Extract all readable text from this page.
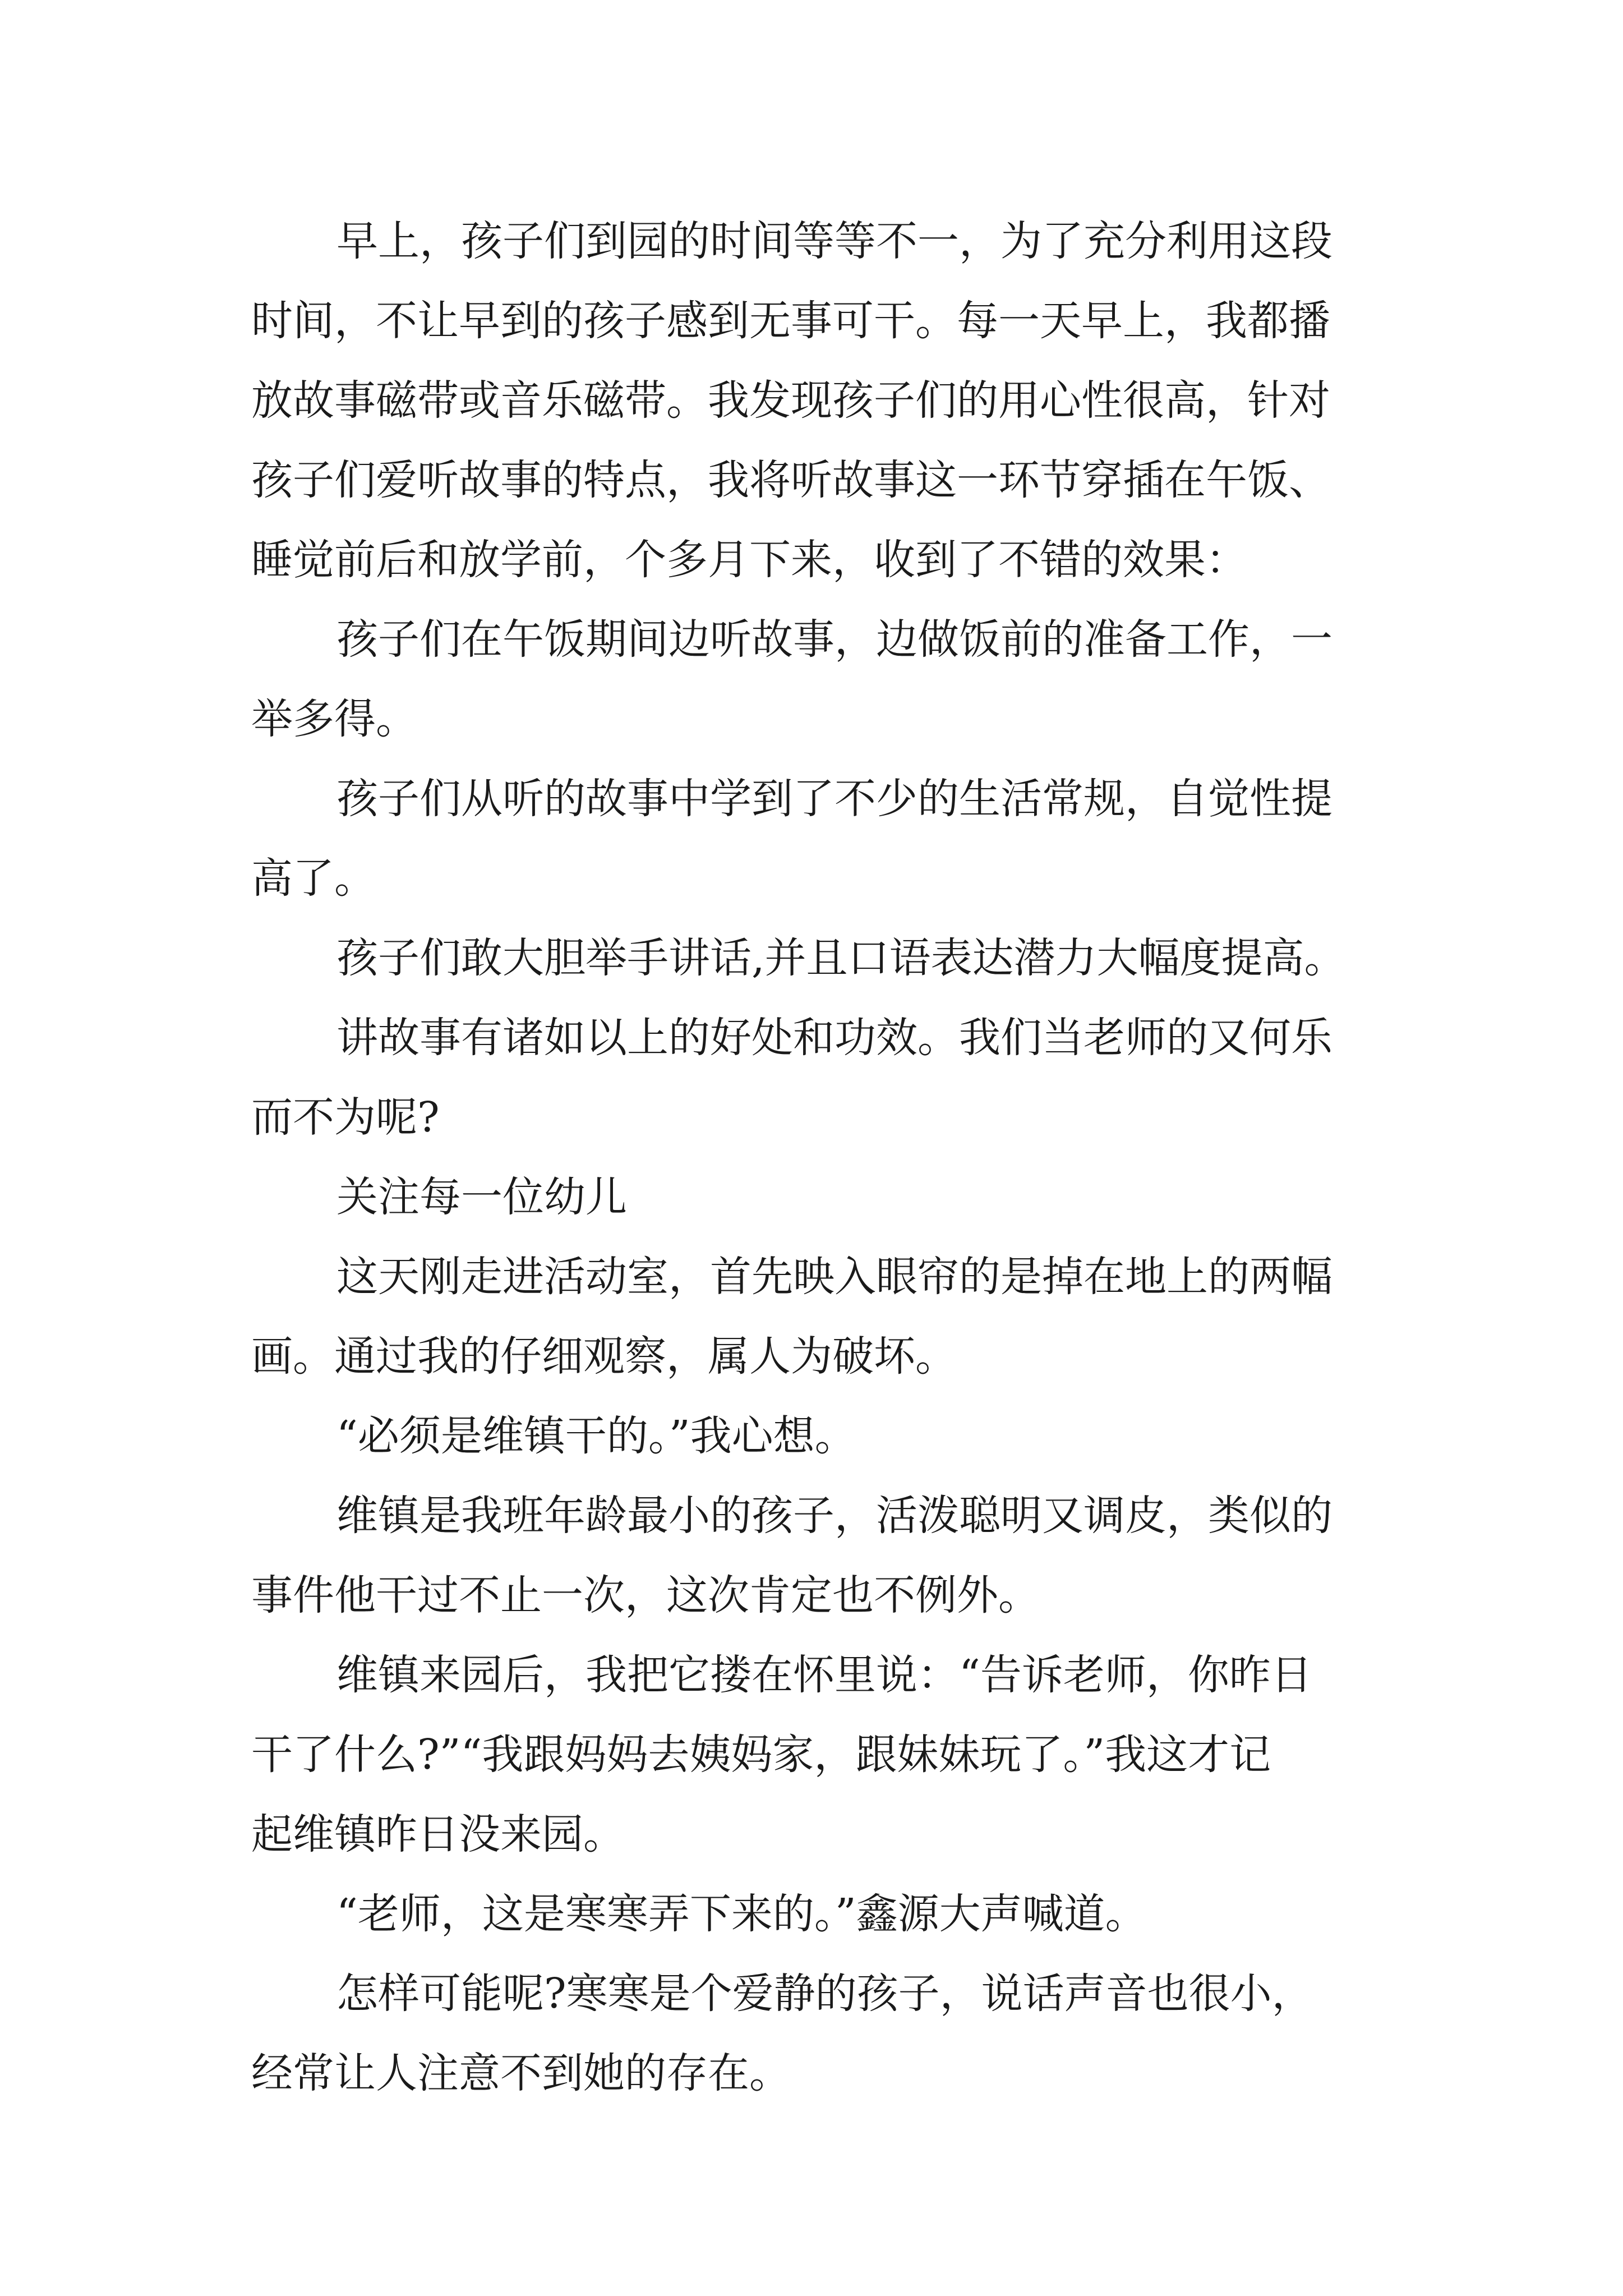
早上，孩子们到园的时间等等不一，为了充分利用这段

时间，不让早到的孩子感到无事可干。每一天早上，我都播

放故事磁带或音乐磁带。我发现孩子们的用心性很高，针对

孩子们爱听故事的特点，我将听故事这一环节穿插在午饭、

睡觉前后和放学前，个多月下来，收到了不错的效果：

孩子们在午饭期间边听故事，边做饭前的准备工作，一

举多得。

孩子们从听的故事中学到了不少的生活常规，自觉性提

高了。

孩子们敢大胆举手讲话,并且口语表达潜力大幅度提高。

讲故事有诸如以上的好处和功效。我们当老师的又何乐

而不为呢?

关注每一位幼儿

这天刚走进活动室，首先映入眼帘的是掉在地上的两幅

画。通过我的仔细观察，属人为破坏。

“必须是维镇干的。”我心想。

维镇是我班年龄最小的孩子，活泼聪明又调皮，类似的

事件他干过不止一次，这次肯定也不例外。

维镇来园后，我把它搂在怀里说：“告诉老师，你昨日

干了什么?”“我跟妈妈去姨妈家，跟妹妹玩了。”我这才记

起维镇昨日没来园。

“老师，这是寒寒弄下来的。”鑫源大声喊道。

怎样可能呢?寒寒是个爱静的孩子，说话声音也很小，

经常让人注意不到她的存在。
